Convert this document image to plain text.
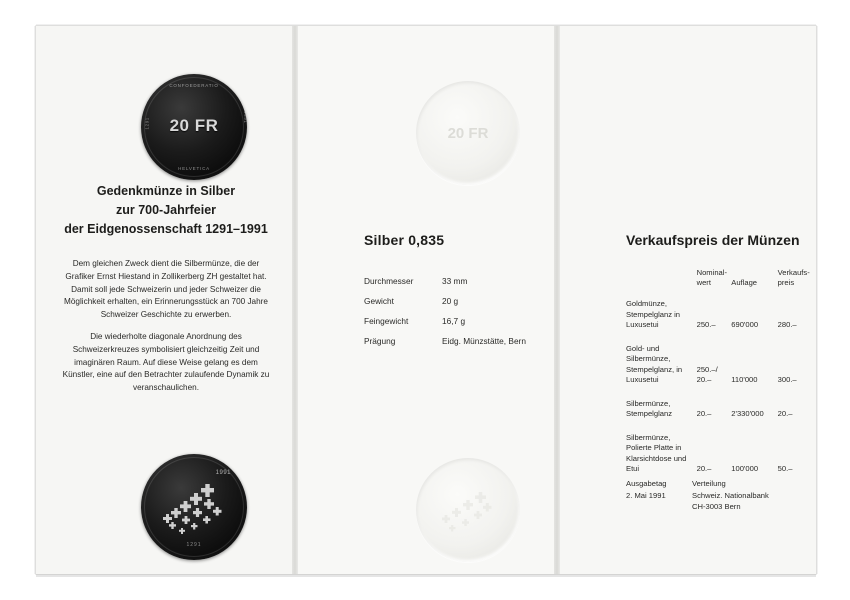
CONFOEDERATIO
HELVETICA
20 FR
1291
1991
1991
1291
Gedenkmünze in Silber
zur 700-Jahrfeier
der Eidgenossenschaft 1291–1991

Dem gleichen Zweck dient die Silbermünze, die der Grafiker Ernst Hiestand in Zollikerberg ZH gestaltet hat. Damit soll jede Schweizerin und jeder Schweizer die Möglichkeit erhalten, ein Erinnerungsstück an 700 Jahre Schweizer Geschichte zu erwerben.

Die wiederholte diagonale Anordnung des Schweizerkreuzes symbolisiert gleichzeitig Zeit und imaginären Raum. Auf diese Weise gelang es dem Künstler, eine auf den Betrachter zulaufende Dynamik zu veranschaulichen.

20 FR
Silber 0,835
Durchmesser	33 mm
Gewicht	20 g
Feingewicht	16,7 g
Prägung	Eidg. Münzstätte, Bern
Verkaufspreis der Münzen
	Nominal-
wert	Auflage	Verkaufs-
preis
Goldmünze, Stempelglanz in Luxusetui	250.–	690'000	280.–
Gold- und Silbermünze, Stempelglanz, in Luxusetui	250.–/
20.–	110'000	300.–
Silbermünze, Stempelglanz	20.–	2'330'000	20.–
Silbermünze, Polierte Platte in Klarsichtdose und Etui	20.–	100'000	50.–
Ausgabetag	Verteilung
2. Mai 1991	Schweiz. Nationalbank

CH-3003 Bern
